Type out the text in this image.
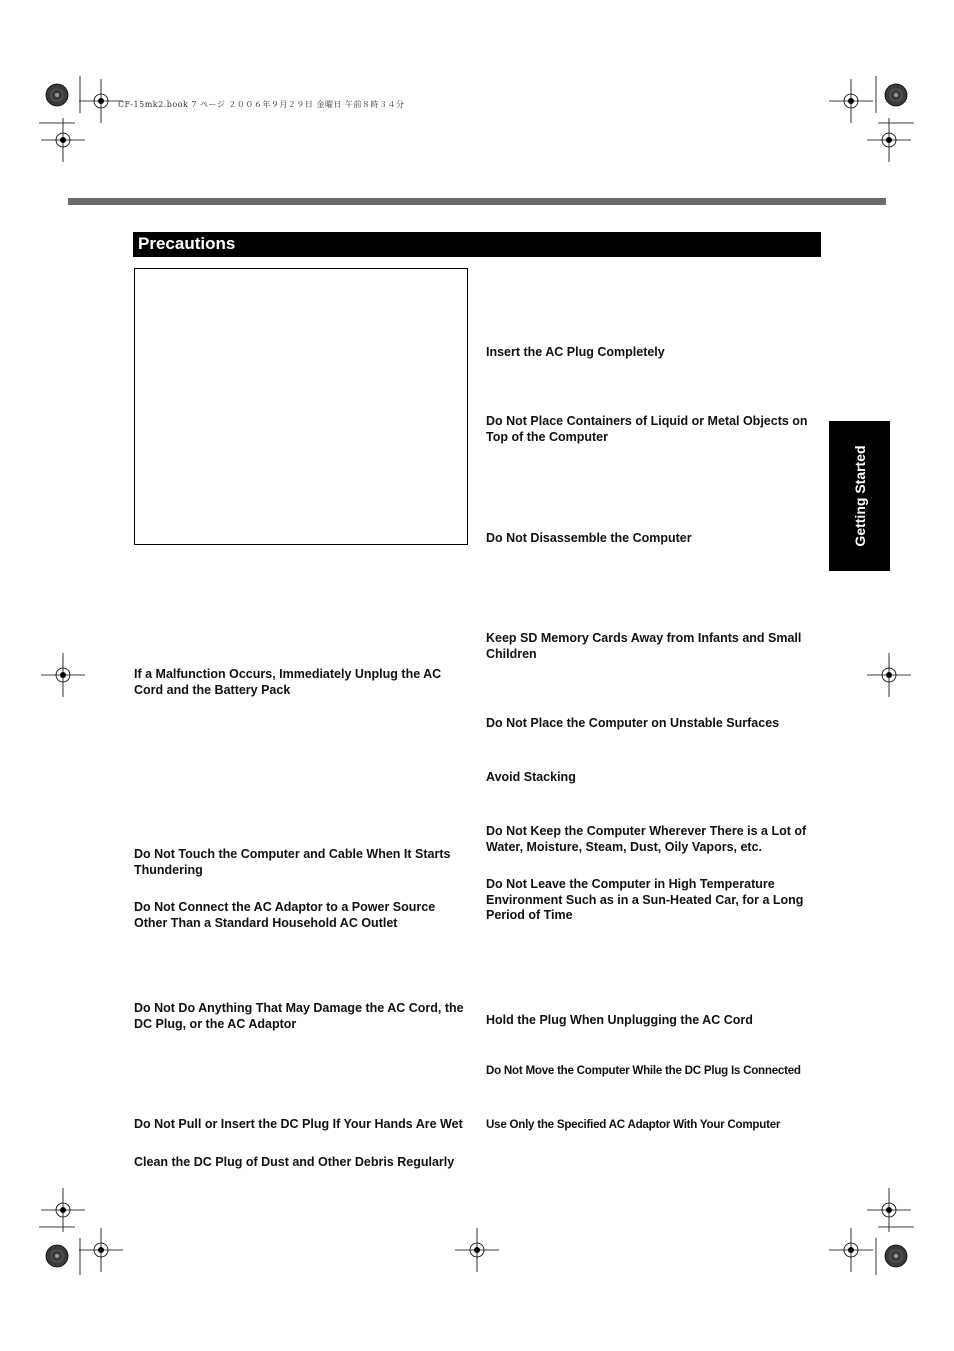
CF-15mk2.book 7 ページ ２００６年９月２９日 金曜日 午前８時３４分
Precautions
Getting Started
If a Malfunction Occurs, Immediately Unplug the AC Cord and the Battery Pack
Do Not Touch the Computer and Cable When It Starts Thundering
Do Not Connect the AC Adaptor to a Power Source Other Than a Standard Household AC Outlet
Do Not Do Anything That May Damage the AC Cord, the DC Plug, or the AC Adaptor
Do Not Pull or Insert the DC Plug If Your Hands Are Wet
Clean the DC Plug of Dust and Other Debris Regularly
Insert the AC Plug Completely
Do Not Place Containers of Liquid or Metal Objects on Top of the Computer
Do Not Disassemble the Computer
Keep SD Memory Cards Away from Infants and Small Children
Do Not Place the Computer on Unstable Surfaces
Avoid Stacking
Do Not Keep the Computer Wherever There is a Lot of Water, Moisture, Steam, Dust, Oily Vapors, etc.
Do Not Leave the Computer in High Temperature Environment Such as in a Sun-Heated Car, for a Long Period of Time
Hold the Plug When Unplugging the AC Cord
Do Not Move the Computer While the DC Plug Is Connected
Use Only the Specified AC Adaptor With Your Computer
